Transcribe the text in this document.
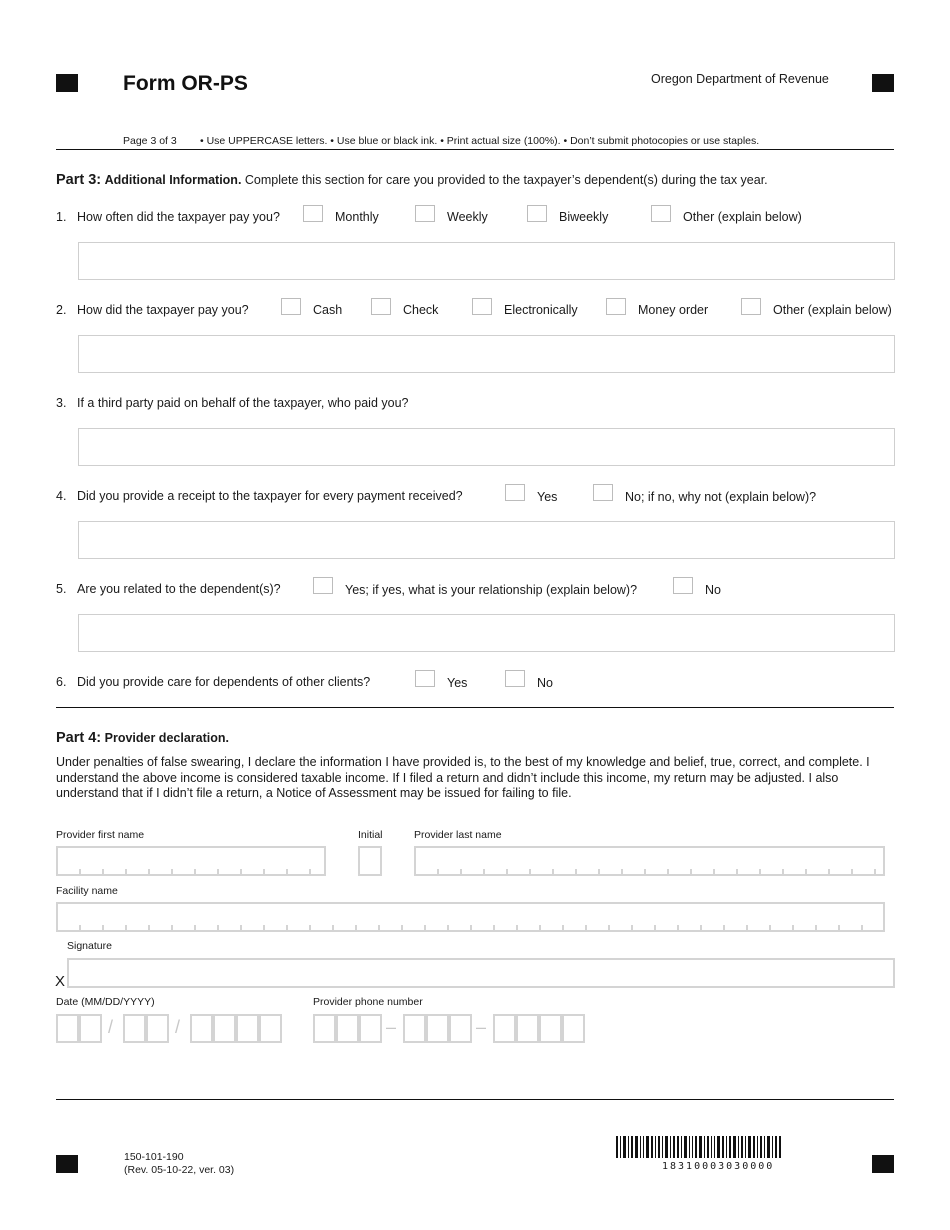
Form OR-PS	Oregon Department of Revenue
Page 3 of 3 • Use UPPERCASE letters. • Use blue or black ink. • Print actual size (100%). • Don’t submit photocopies or use staples.
Part 3: Additional Information. Complete this section for care you provided to the taxpayer’s dependent(s) during the tax year.
1. How often did the taxpayer pay you?	Monthly	Weekly	Biweekly	Other (explain below)
2. How did the taxpayer pay you?	Cash	Check	Electronically	Money order	Other (explain below)
3. If a third party paid on behalf of the taxpayer, who paid you?
4. Did you provide a receipt to the taxpayer for every payment received?	Yes	No; if no, why not (explain below)?
5. Are you related to the dependent(s)?	Yes; if yes, what is your relationship (explain below)?	No
6. Did you provide care for dependents of other clients?	Yes	No
Part 4: Provider declaration.
Under penalties of false swearing, I declare the information I have provided is, to the best of my knowledge and belief, true, correct, and complete. I understand the above income is considered taxable income. If I filed a return and didn’t include this income, my return may be adjusted. I also understand that if I didn’t file a return, a Notice of Assessment may be issued for failing to file.
Provider first name	Initial	Provider last name
Facility name
Signature
X
Date (MM/DD/YYYY)
/	/
Provider phone number
–	–
150-101-190
(Rev. 05-10-22, ver. 03)	18310003030000
